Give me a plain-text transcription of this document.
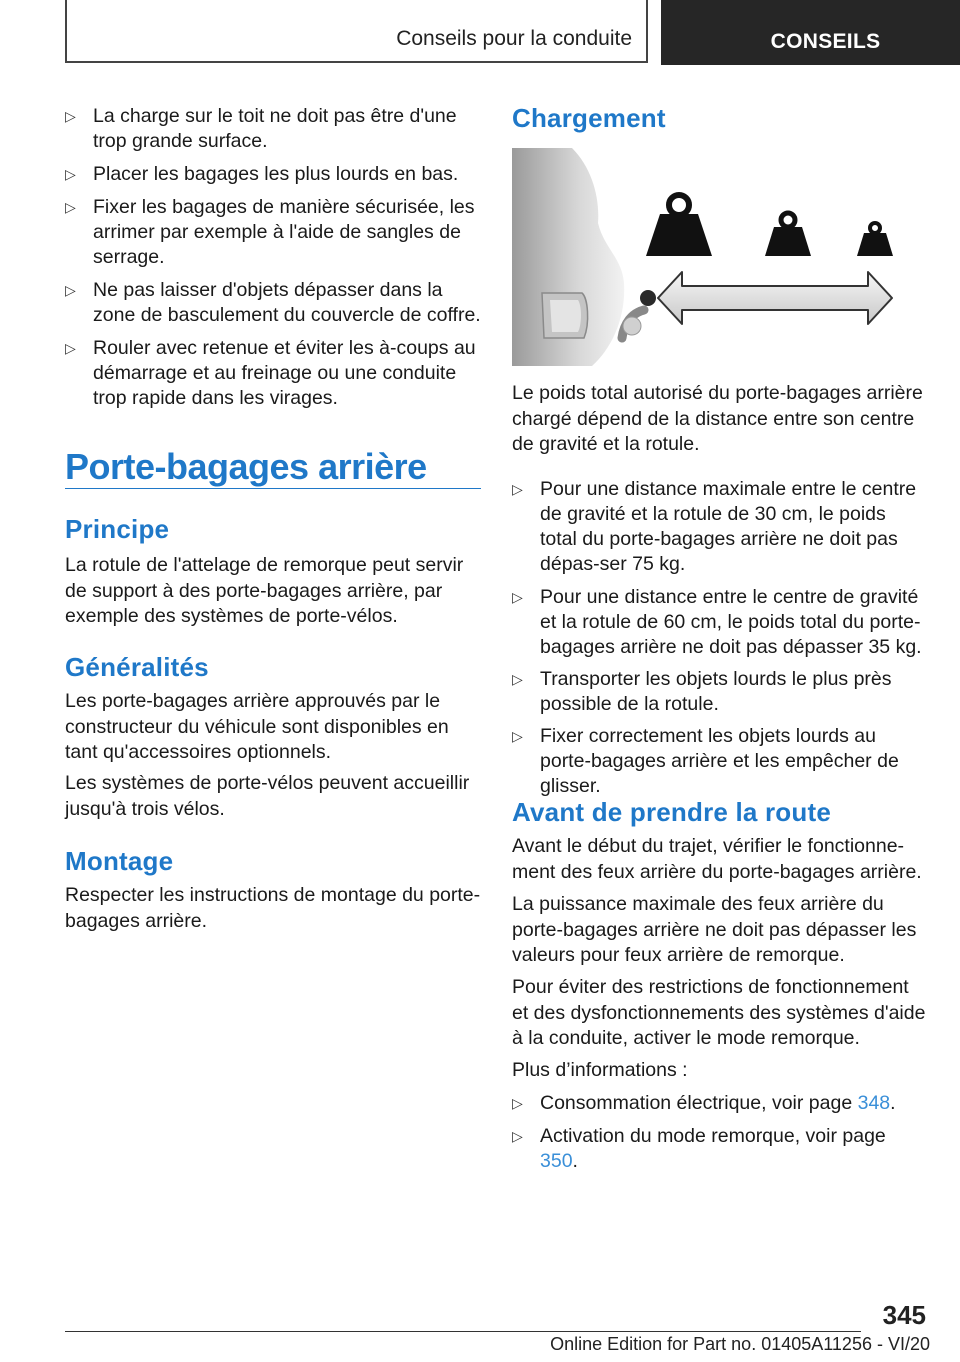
Conseils pour la conduite	CONSEILS
▷ La charge sur le toit ne doit pas être d'une trop grande surface.
▷ Placer les bagages les plus lourds en bas.
▷ Fixer les bagages de manière sécurisée, les arrimer par exemple à l'aide de sangles de serrage.
▷ Ne pas laisser d'objets dépasser dans la zone de basculement du couvercle de coffre.
▷ Rouler avec retenue et éviter les à-coups au démarrage et au freinage ou une conduite trop rapide dans les virages.
Porte-bagages arrière
Principe

La rotule de l'attelage de remorque peut servir de support à des porte-bagages arrière, par exemple des systèmes de porte-vélos.

Généralités

Les porte-bagages arrière approuvés par le constructeur du véhicule sont disponibles en tant qu'accessoires optionnels.

Les systèmes de porte-vélos peuvent accueillir jusqu'à trois vélos.

Montage

Respecter les instructions de montage du porte-bagages arrière.

Chargement

Le poids total autorisé du porte-bagages arrière chargé dépend de la distance entre son centre de gravité et la rotule.

▷ Pour une distance maximale entre le centre de gravité et la rotule de 30 cm, le poids total du porte-bagages arrière ne doit pas dépas‐ser 75 kg.
▷ Pour une distance entre le centre de gravité et la rotule de 60 cm, le poids total du porte-bagages arrière ne doit pas dépasser 35 kg.
▷ Transporter les objets lourds le plus près possible de la rotule.
▷ Fixer correctement les objets lourds au porte-bagages arrière et les empêcher de glisser.
Avant de prendre la route

Avant le début du trajet, vérifier le fonctionne‐ment des feux arrière du porte-bagages arrière.

La puissance maximale des feux arrière du porte-bagages arrière ne doit pas dépasser les valeurs pour feux arrière de remorque.

Pour éviter des restrictions de fonctionnement et des dysfonctionnements des systèmes d'aide à la conduite, activer le mode remorque.

Plus d’informations :

▷ Consommation électrique, voir page 348.
▷ Activation du mode remorque, voir page 350.
345
Online Edition for Part no. 01405A11256 - VI/20
